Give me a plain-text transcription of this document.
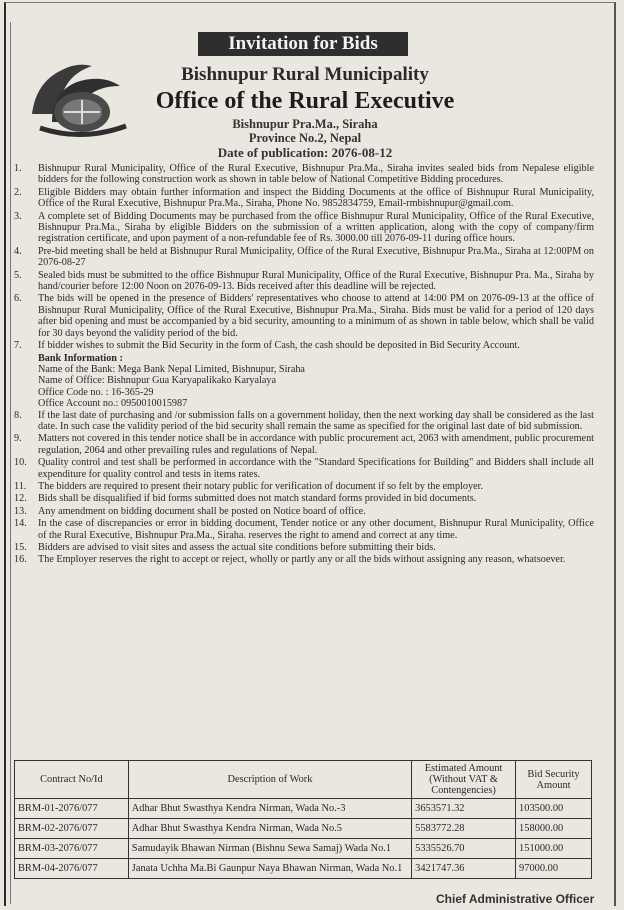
Invitation for Bids
Bishnupur Rural Municipality
Office of the Rural Executive
Bishnupur Pra.Ma., Siraha
Province No.2, Nepal
Date of publication: 2076-08-12
1.	Bishnupur Rural Municipality, Office of the Rural Executive, Bishnupur Pra.Ma., Siraha invites sealed bids from Nepalese eligible bidders for the following construction work as shown in table below of National Competitive Bidding procedures.
2.	Eligible Bidders may obtain further information and inspect the Bidding Documents at the office of Bishnupur Rural Municipality, Office of the Rural Executive, Bishnupur Pra.Ma., Siraha, Phone No. 9852834759, Email-rmbishnupur@gmail.com.
3.	A complete set of Bidding Documents may be purchased from the office Bishnupur Rural Municipality, Office of the Rural Executive, Bishnupur Pra.Ma., Siraha by eligible Bidders on the submission of a written application, along with the copy of company/firm registration certificate, and upon payment of a non-refundable fee of Rs. 3000.00 till 2076-09-11 during office hours.
4.	Pre-bid meeting shall be held at Bishnupur Rural Municipality, Office of the Rural Executive, Bishnupur Pra.Ma., Siraha at 12:00PM on 2076-08-27
5.	Sealed bids must be submitted to the office Bishnupur Rural Municipality, Office of the Rural Executive, Bishnupur Pra. Ma., Siraha by hand/courier before 12:00 Noon on 2076-09-13. Bids received after this deadline will be rejected.
6.	The bids will be opened in the presence of Bidders' representatives who choose to attend at 14:00 PM on 2076-09-13 at the office of Bishnupur Rural Municipality, Office of the Rural Executive, Bishnupur Pra.Ma., Siraha. Bids must be valid for a period of 120 days after bid opening and must be accompanied by a bid security, amounting to a minimum of as shown in table below, which shall be valid for 30 days beyond the validity period of the bid.
7.	If bidder wishes to submit the Bid Security in the form of Cash, the cash should be deposited in Bid Security Account.
Bank Information :
Name of the Bank: Mega Bank Nepal Limited, Bishnupur, Siraha
Name of Office: Bishnupur Gua Karyapalikako Karyalaya
Office Code no. : 16-365-29
Office Account no.: 0950010015987
8.	If the last date of purchasing and /or submission falls on a government holiday, then the next working day shall be considered as the last date. In such case the validity period of the bid security shall remain the same as specified for the original last date of bid submission.
9.	Matters not covered in this tender notice shall be in accordance with public procurement act, 2063 with amendment, public procurement regulation, 2064 and other prevailing rules and regulations of Nepal.
10.	Quality control and test shall be performed in accordance with the "Standard Specifications for Building" and Bidders shall include all expenditure for quality control and tests in items rates.
11.	The bidders are required to present their notary public for verification of document if so felt by the employer.
12.	Bids shall be disqualified if bid forms submitted does not match standard forms provided in bid documents.
13.	Any amendment on bidding document shall be posted on Notice board of office.
14.	In the case of discrepancies or error in bidding document, Tender notice or any other document, Bishnupur Rural Municipality, Office of the Rural Executive, Bishnupur Pra.Ma., Siraha. reserves the right to amend and correct at any time.
15.	Bidders are advised to visit sites and assess the actual site conditions before submitting their bids.
16.	The Employer reserves the right to accept or reject, wholly or partly any or all the bids without assigning any reason, whatsoever.
Contract No/Id	Description of Work	Estimated Amount (Without VAT & Contengencies)	Bid Security Amount
BRM-01-2076/077	Adhar Bhut Swasthya Kendra Nirman, Wada No.-3	3653571.32	103500.00
BRM-02-2076/077	Adhar Bhut Swasthya Kendra Nirman, Wada No.5	5583772.28	158000.00
BRM-03-2076/077	Samudayik Bhawan Nirman (Bishnu Sewa Samaj) Wada No.1	5335526.70	151000.00
BRM-04-2076/077	Janata Uchha Ma.Bi Gaunpur Naya Bhawan Nirman, Wada No.1	3421747.36	97000.00
Chief Administrative Officer
